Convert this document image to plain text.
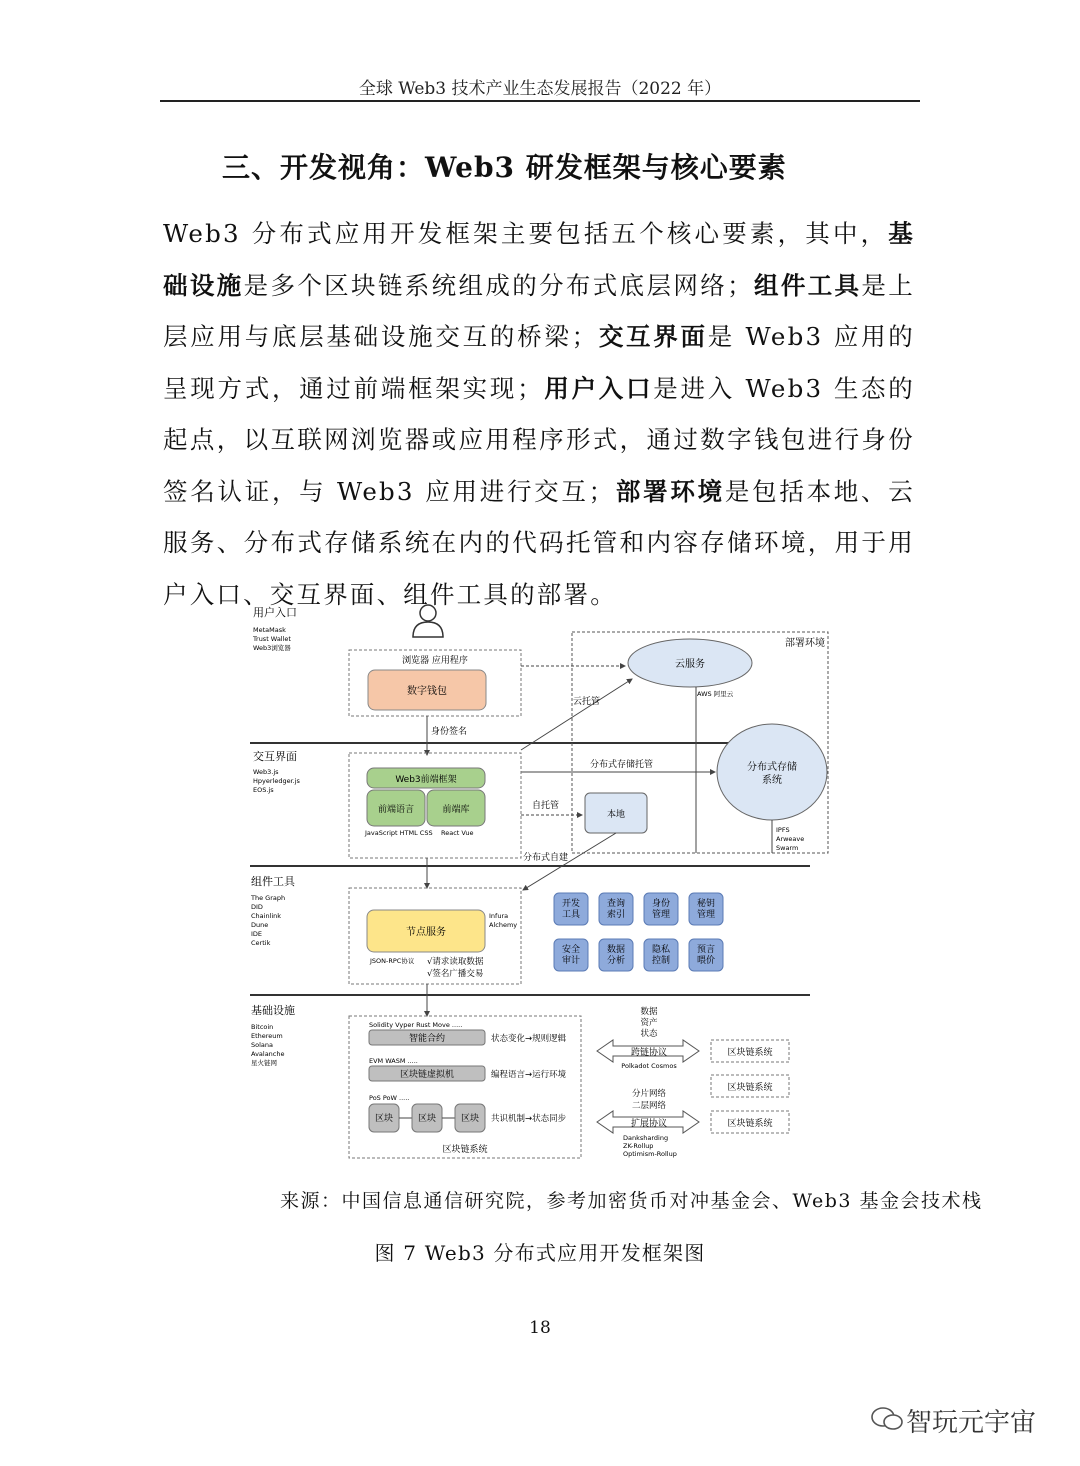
全球 Web3 技术产业生态发展报告（2022 年）
三、开发视角：Web3 研发框架与核心要素
Web3 分布式应用开发框架主要包括五个核心要素，其中，基础设施是多个区块链系统组成的分布式底层网络；组件工具是上层应用与底层基础设施交互的桥梁；交互界面是 Web3 应用的呈现方式，通过前端框架实现；用户入口是进入 Web3 生态的起点，以互联网浏览器或应用程序形式，通过数字钱包进行身份签名认证，与 Web3 应用进行交互；部署环境是包括本地、云服务、分布式存储系统在内的代码托管和内容存储环境，用于用户入口、交互界面、组件工具的部署。
用户入口
MetaMask
Trust Wallet
Web3浏览器
交互界面
Web3.js
Hpyerledger.js
EOS.js
组件工具
The Graph
DID
Chainlink
Dune
IDE
Certik
基础设施
Bitcoin
Ethereum
Solana
Avalanche
星火链网
浏览器 应用程序
数字钱包
身份签名
部署环境
云服务
AWS 阿里云
云托管
分布式存储
系统
IPFS
Arweave
Swarm
分布式存储托管
本地
自托管
分布式自建
Web3前端框架
前端语言	前端库
JavaScript HTML CSS React Vue
节点服务
Infura
Alchemy
JSON-RPC协议 √请求读取数据
√签名广播交易
开发
工具
查询
索引
身份
管理
秘钥
管理
安全
审计
数据
分析
隐私
控制
预言
喂价
Solidity Vyper Rust Move .....
智能合约	状态变化→规则逻辑
EVM WASM .....
区块链虚拟机	编程语言→运行环境
PoS PoW .....
区块	区块	区块 共识机制→状态同步
区块链系统
数据
资产
状态
跨链协议
Polkadot Cosmos
分片网络
二层网络
扩展协议
Danksharding
ZK-Rollup
Optimism-Rollup
区块链系统
区块链系统
区块链系统
来源：中国信息通信研究院，参考加密货币对冲基金会、Web3 基金会技术栈
图 7 Web3 分布式应用开发框架图
18
智玩元宇宙
